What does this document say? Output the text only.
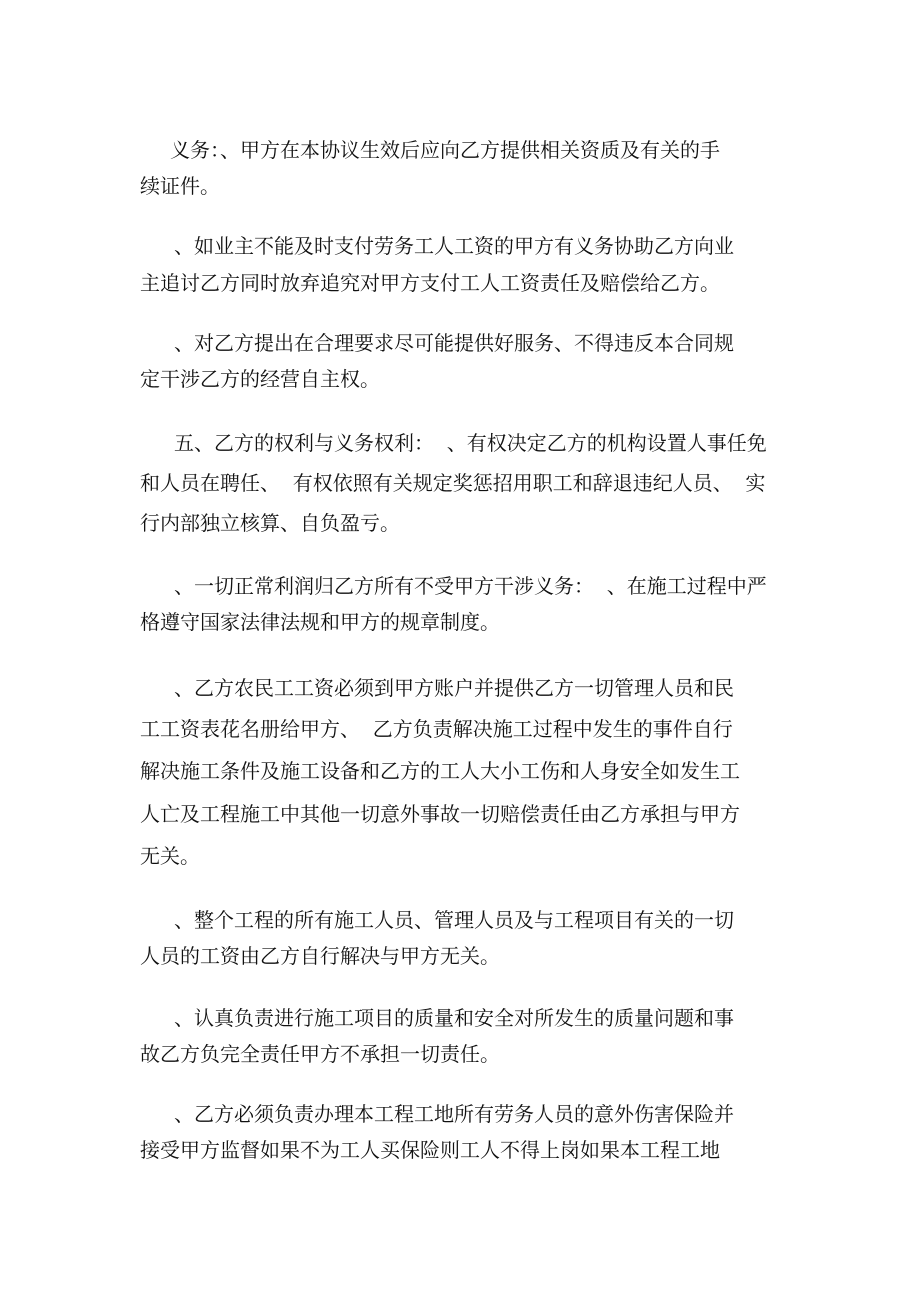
义务：、甲方在本协议生效后应向乙方提供相关资质及有关的手
续证件。
、如业主不能及时支付劳务工人工资的甲方有义务协助乙方向业
主追讨乙方同时放弃追究对甲方支付工人工资责任及赔偿给乙方。
、对乙方提出在合理要求尽可能提供好服务、不得违反本合同规
定干涉乙方的经营自主权。
五、乙方的权利与义务权利：  、有权决定乙方的机构设置人事任免
和人员在聘任、  有权依照有关规定奖惩招用职工和辞退违纪人员、  实
行内部独立核算、自负盈亏。
、一切正常利润归乙方所有不受甲方干涉义务：  、在施工过程中严
格遵守国家法律法规和甲方的规章制度。
、乙方农民工工资必须到甲方账户并提供乙方一切管理人员和民
工工资表花名册给甲方、  乙方负责解决施工过程中发生的事件自行
解决施工条件及施工设备和乙方的工人大小工伤和人身安全如发生工
人亡及工程施工中其他一切意外事故一切赔偿责任由乙方承担与甲方
无关。
、整个工程的所有施工人员、管理人员及与工程项目有关的一切
人员的工资由乙方自行解决与甲方无关。
、认真负责进行施工项目的质量和安全对所发生的质量问题和事
故乙方负完全责任甲方不承担一切责任。
、乙方必须负责办理本工程工地所有劳务人员的意外伤害保险并
接受甲方监督如果不为工人买保险则工人不得上岗如果本工程工地
